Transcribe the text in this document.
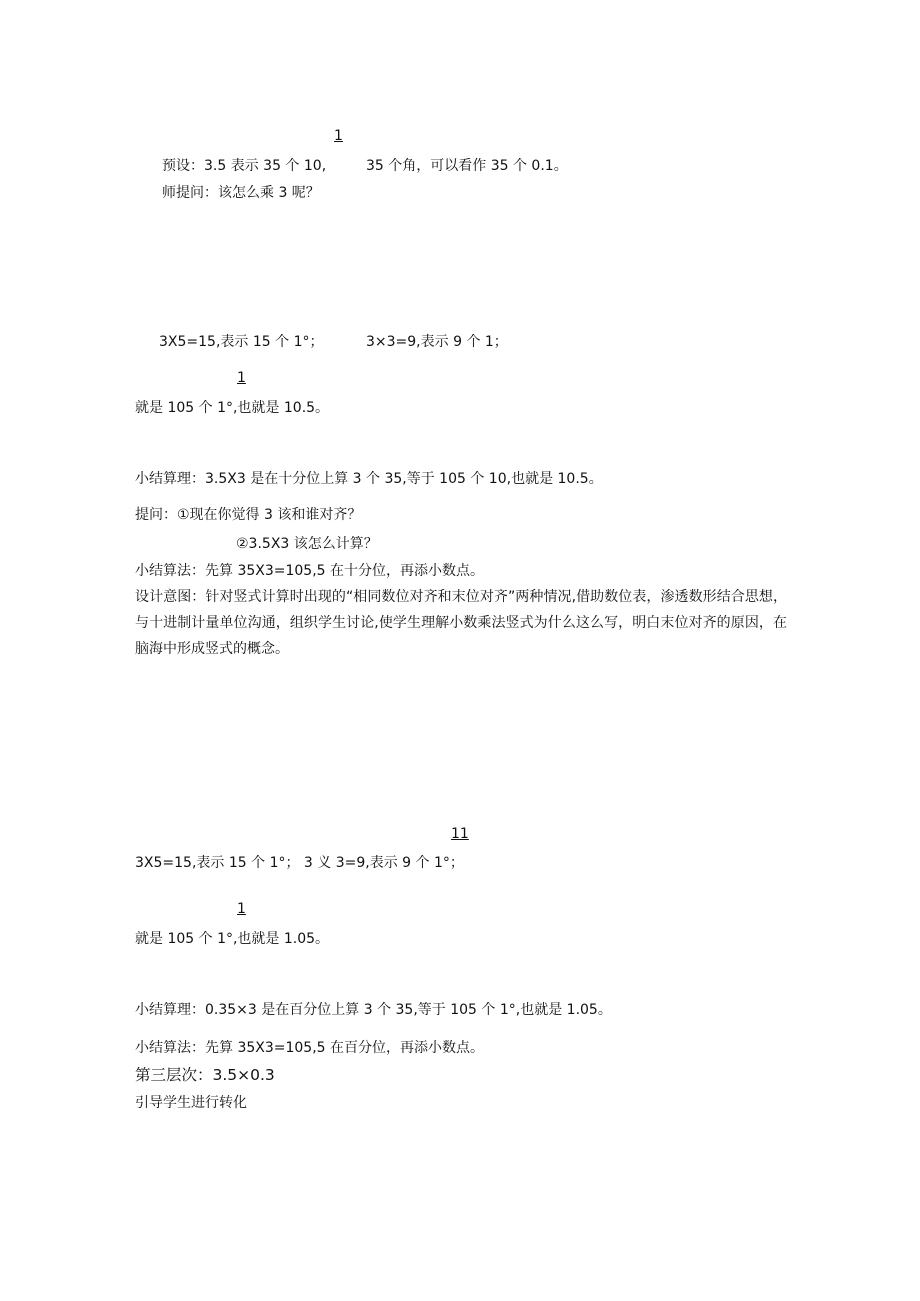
1
预设：3.5 表示 35 个 10,	35 个角，可以看作 35 个 0.1。
师提问：该怎么乘 3 呢？
3X5=15,表示 15 个 1°；	3×3=9,表示 9 个 1；
1
就是 105 个 1°,也就是 10.5。
小结算理：3.5X3 是在十分位上算 3 个 35,等于 105 个 10,也就是 10.5。
提问：①现在你觉得 3 该和谁对齐？
②3.5X3 该怎么计算？
小结算法：先算 35X3=105,5 在十分位，再添小数点。
设计意图：针对竖式计算时出现的“相同数位对齐和末位对齐”两种情况,借助数位表，渗透数形结合思想，与十进制计量单位沟通，组织学生讨论,使学生理解小数乘法竖式为什么这么写，明白末位对齐的原因，在脑海中形成竖式的概念。
11
3X5=15,表示 15 个 1°； 3 义 3=9,表示 9 个 1°；
1
就是 105 个 1°,也就是 1.05。
小结算理：0.35×3 是在百分位上算 3 个 35,等于 105 个 1°,也就是 1.05。
小结算法：先算 35X3=105,5 在百分位，再添小数点。
第三层次：3.5×0.3
引导学生进行转化
